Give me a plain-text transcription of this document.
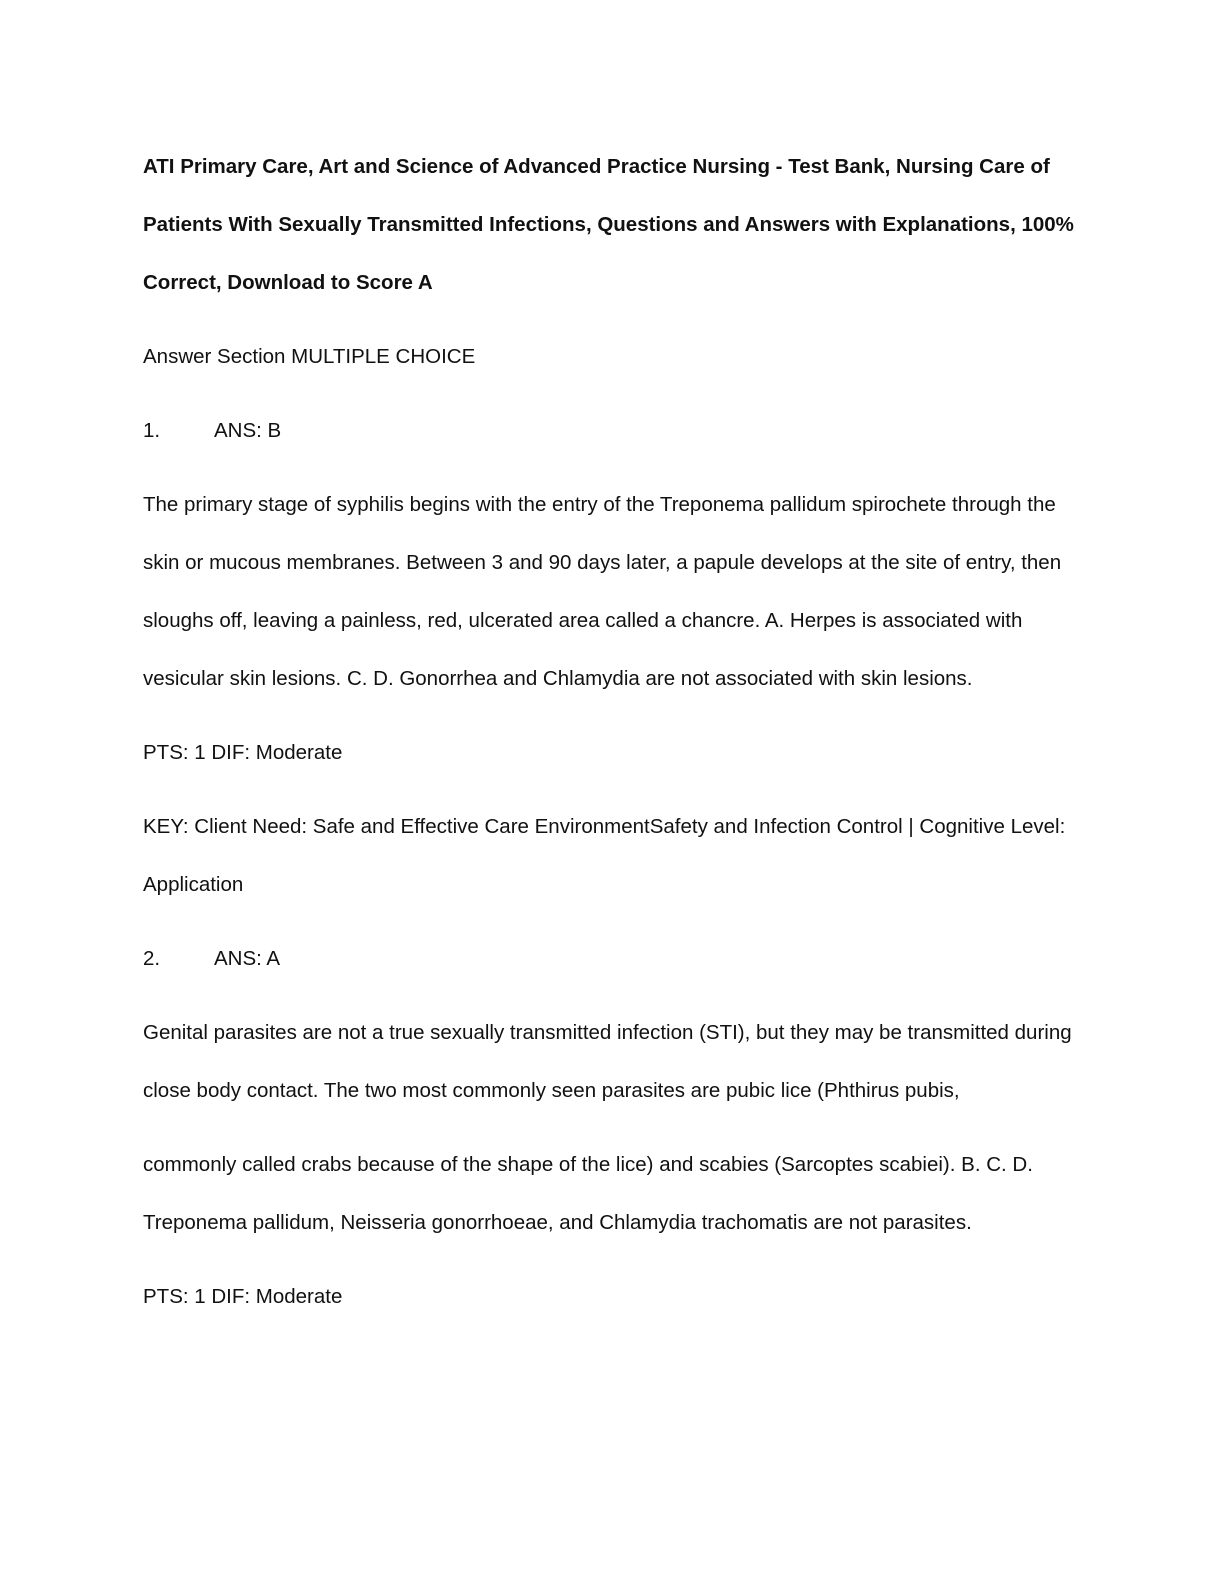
ATI Primary Care, Art and Science of Advanced Practice Nursing - Test Bank, Nursing Care of Patients With Sexually Transmitted Infections, Questions and Answers with Explanations, 100% Correct, Download to Score A

Answer Section MULTIPLE CHOICE

1.	ANS: B

The primary stage of syphilis begins with the entry of the Treponema pallidum spirochete through the skin or mucous membranes. Between 3 and 90 days later, a papule develops at the site of entry, then sloughs off, leaving a painless, red, ulcerated area called a chancre. A. Herpes is associated with vesicular skin lesions. C. D. Gonorrhea and Chlamydia are not associated with skin lesions.

PTS: 1 DIF: Moderate

KEY: Client Need: Safe and Effective Care EnvironmentSafety and Infection Control | Cognitive Level: Application

2.	ANS: A

Genital parasites are not a true sexually transmitted infection (STI), but they may be transmitted during close body contact. The two most commonly seen parasites are pubic lice (Phthirus pubis,

commonly called crabs because of the shape of the lice) and scabies (Sarcoptes scabiei). B. C. D. Treponema pallidum, Neisseria gonorrhoeae, and Chlamydia trachomatis are not parasites.

PTS: 1 DIF: Moderate
